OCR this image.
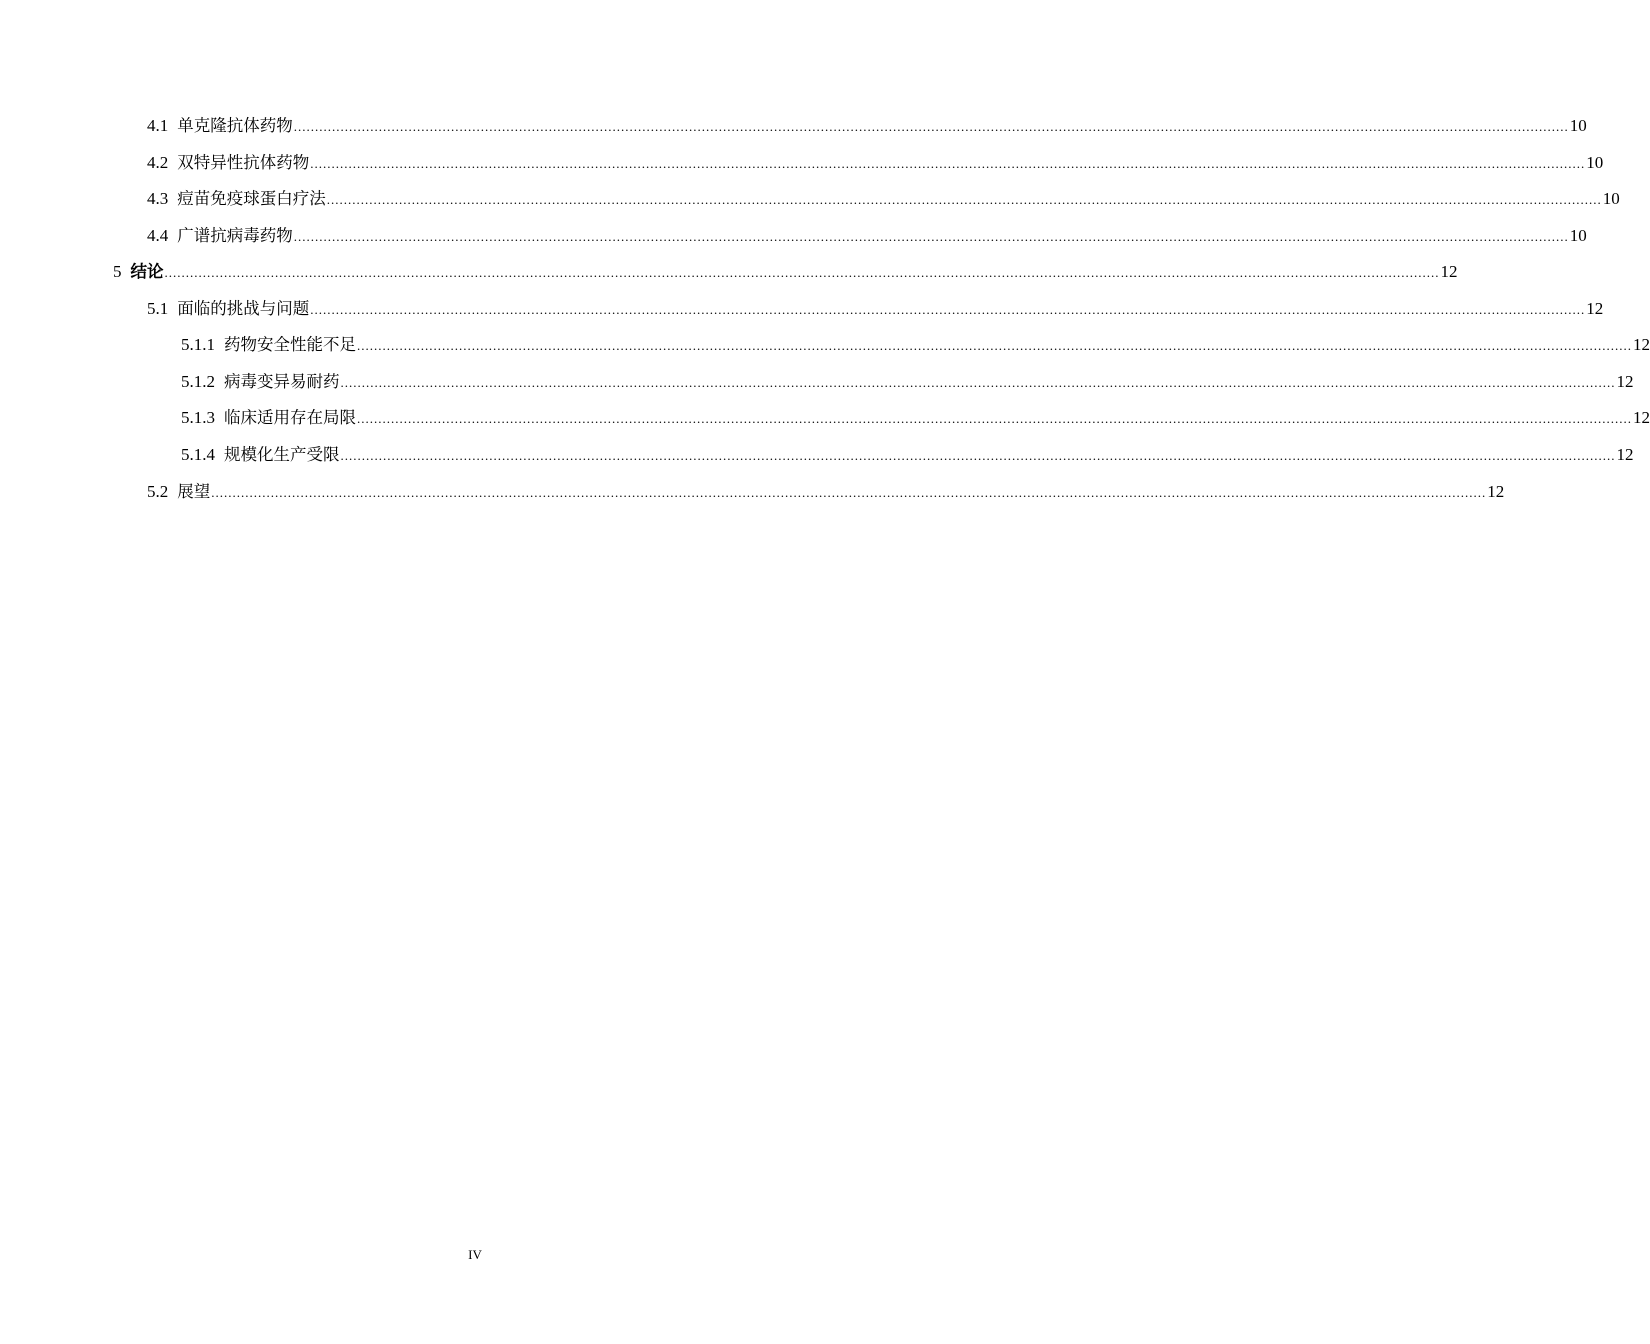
4.1 单克隆抗体药物 ............................................................................................................................................................................................................................................................................................................ 10
4.2 双特异性抗体药物 ............................................................................................................................................................................................................................................................................................................ 10
4.3 痘苗免疫球蛋白疗法 ............................................................................................................................................................................................................................................................................................................ 10
4.4 广谱抗病毒药物 ............................................................................................................................................................................................................................................................................................................ 10
5 结论 ............................................................................................................................................................................................................................................................................................................ 12
5.1 面临的挑战与问题 ............................................................................................................................................................................................................................................................................................................ 12
5.1.1 药物安全性能不足 ............................................................................................................................................................................................................................................................................................................ 12
5.1.2 病毒变异易耐药 ............................................................................................................................................................................................................................................................................................................ 12
5.1.3 临床适用存在局限 ............................................................................................................................................................................................................................................................................................................ 12
5.1.4 规模化生产受限 ............................................................................................................................................................................................................................................................................................................ 12
5.2 展望 ............................................................................................................................................................................................................................................................................................................ 12
IV
